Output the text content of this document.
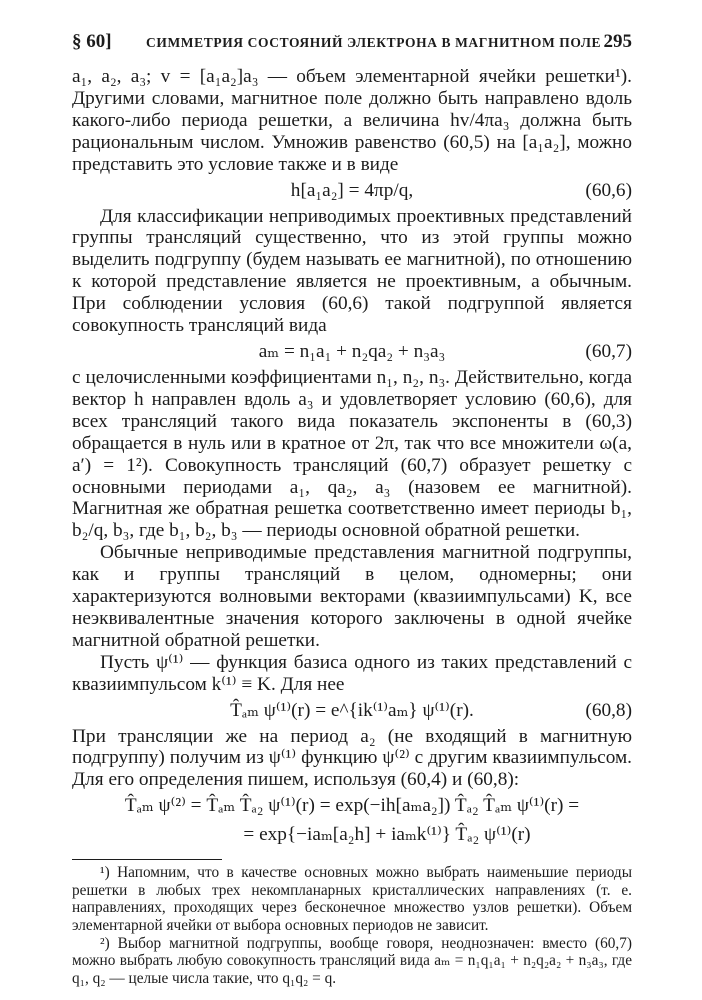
§ 60]	СИММЕТРИЯ СОСТОЯНИЙ ЭЛЕКТРОНА В МАГНИТНОМ ПОЛЕ 295

a₁, a₂, a₃; v = [a₁a₂]a₃ — объем элементарной ячейки решетки¹). Другими словами, магнитное поле должно быть направлено вдоль какого-либо периода решетки, а величина hv/4πa₃ должна быть рациональным числом. Умножив равенство (60,5) на [a₁a₂], можно представить это условие также и в виде

h[a₁a₂] = 4πp/q,	(60,6)

Для классификации неприводимых проективных представлений группы трансляций существенно, что из этой группы можно выделить подгруппу (будем называть ее магнитной), по отношению к которой представление является не проективным, а обычным. При соблюдении условия (60,6) такой подгруппой является совокупность трансляций вида

aₘ = n₁a₁ + n₂qa₂ + n₃a₃	(60,7)

с целочисленными коэффициентами n₁, n₂, n₃. Действительно, когда вектор h направлен вдоль a₃ и удовлетворяет условию (60,6), для всех трансляций такого вида показатель экспоненты в (60,3) обращается в нуль или в кратное от 2π, так что все множители ω(a, a′) = 1²). Совокупность трансляций (60,7) образует решетку с основными периодами a₁, qa₂, a₃ (назовем ее магнитной). Магнитная же обратная решетка соответственно имеет периоды b₁, b₂/q, b₃, где b₁, b₂, b₃ — периоды основной обратной решетки.

Обычные неприводимые представления магнитной подгруппы, как и группы трансляций в целом, одномерны; они характеризуются волновыми векторами (квазиимпульсами) K, все неэквивалентные значения которого заключены в одной ячейке магнитной обратной решетки.

Пусть ψ⁽¹⁾ — функция базиса одного из таких представлений с квазиимпульсом k⁽¹⁾ ≡ K. Для нее

T̂ₐₘ ψ⁽¹⁾(r) = e^{ik⁽¹⁾aₘ} ψ⁽¹⁾(r).	(60,8)

При трансляции же на период a₂ (не входящий в магнитную подгруппу) получим из ψ⁽¹⁾ функцию ψ⁽²⁾ с другим квазиимпульсом. Для его определения пишем, используя (60,4) и (60,8):

T̂ₐₘ ψ⁽²⁾ = T̂ₐₘ T̂ₐ₂ ψ⁽¹⁾(r) = exp(−ih[aₘa₂]) T̂ₐ₂ T̂ₐₘ ψ⁽¹⁾(r) =
= exp{−iaₘ[a₂h] + iaₘk⁽¹⁾} T̂ₐ₂ ψ⁽¹⁾(r)

¹) Напомним, что в качестве основных можно выбрать наименьшие периоды решетки в любых трех некомпланарных кристаллических направлениях (т. е. направлениях, проходящих через бесконечное множество узлов решетки). Объем элементарной ячейки от выбора основных периодов не зависит.

²) Выбор магнитной подгруппы, вообще говоря, неоднозначен: вместо (60,7) можно выбрать любую совокупность трансляций вида aₘ = n₁q₁a₁ + n₂q₂a₂ + n₃a₃, где q₁, q₂ — целые числа такие, что q₁q₂ = q.
